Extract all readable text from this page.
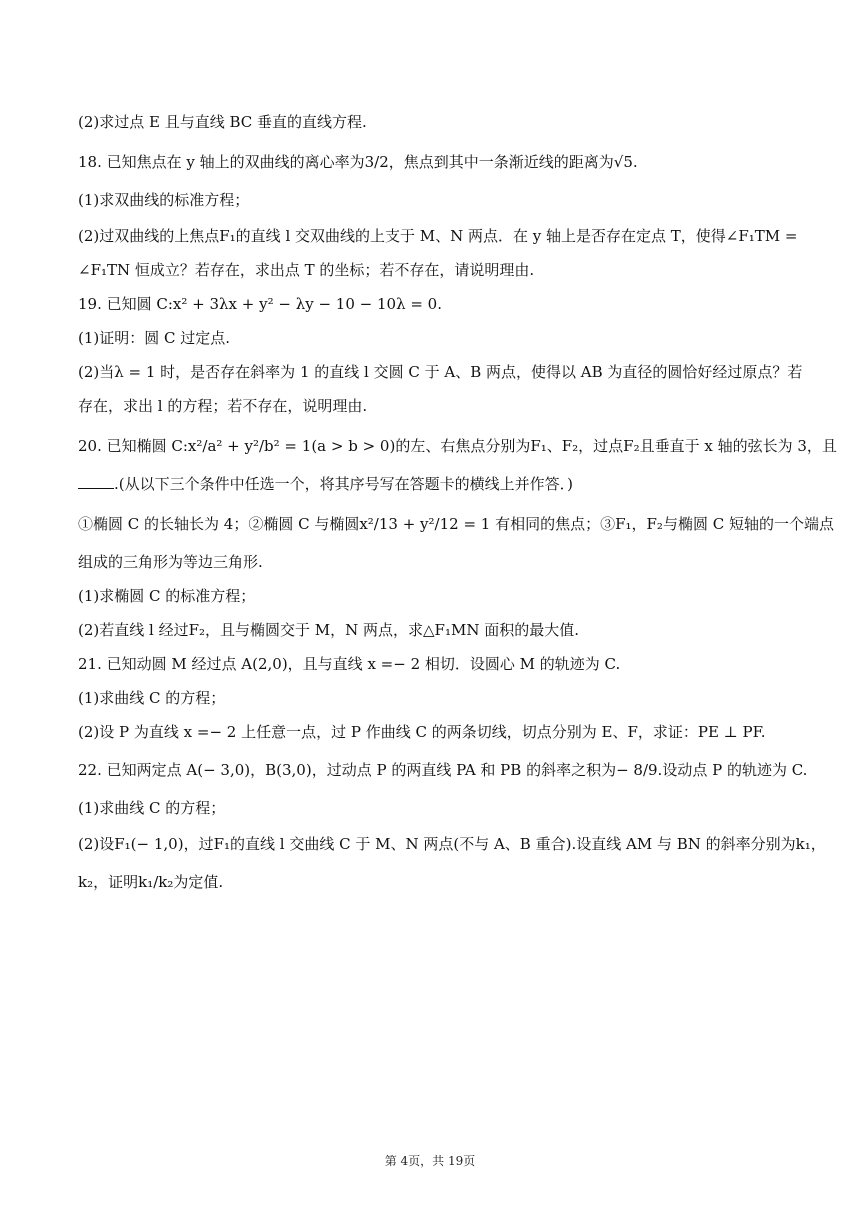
(2)求过点 E 且与直线 BC 垂直的直线方程.
18. 已知焦点在 y 轴上的双曲线的离心率为3/2，焦点到其中一条渐近线的距离为√5.
(1)求双曲线的标准方程；
(2)过双曲线的上焦点F₁的直线 l 交双曲线的上支于 M、N 两点．在 y 轴上是否存在定点 T，使得∠F₁TM =
∠F₁TN 恒成立？若存在，求出点 T 的坐标；若不存在，请说明理由.
19. 已知圆 C:x² + 3λx + y² − λy − 10 − 10λ = 0.
(1)证明：圆 C 过定点.
(2)当λ = 1 时，是否存在斜率为 1 的直线 l 交圆 C 于 A、B 两点，使得以 AB 为直径的圆恰好经过原点？若
存在，求出 l 的方程；若不存在，说明理由.
20. 已知椭圆 C:x²/a² + y²/b² = 1(a > b > 0)的左、右焦点分别为F₁、F₂，过点F₂且垂直于 x 轴的弦长为 3，且
.(从以下三个条件中任选一个，将其序号写在答题卡的横线上并作答．)
①椭圆 C 的长轴长为 4；②椭圆 C 与椭圆x²/13 + y²/12 = 1 有相同的焦点；③F₁，F₂与椭圆 C 短轴的一个端点
组成的三角形为等边三角形.
(1)求椭圆 C 的标准方程；
(2)若直线 l 经过F₂，且与椭圆交于 M，N 两点，求△F₁MN 面积的最大值.
21. 已知动圆 M 经过点 A(2,0)，且与直线 x =− 2 相切．设圆心 M 的轨迹为 C.
(1)求曲线 C 的方程；
(2)设 P 为直线 x =− 2 上任意一点，过 P 作曲线 C 的两条切线，切点分别为 E、F，求证：PE ⊥ PF.
22. 已知两定点 A(− 3,0)，B(3,0)，过动点 P 的两直线 PA 和 PB 的斜率之积为− 8/9.设动点 P 的轨迹为 C.
(1)求曲线 C 的方程；
(2)设F₁(− 1,0)，过F₁的直线 l 交曲线 C 于 M、N 两点(不与 A、B 重合).设直线 AM 与 BN 的斜率分别为k₁，
k₂，证明k₁/k₂为定值.
第 4页，共 19页
